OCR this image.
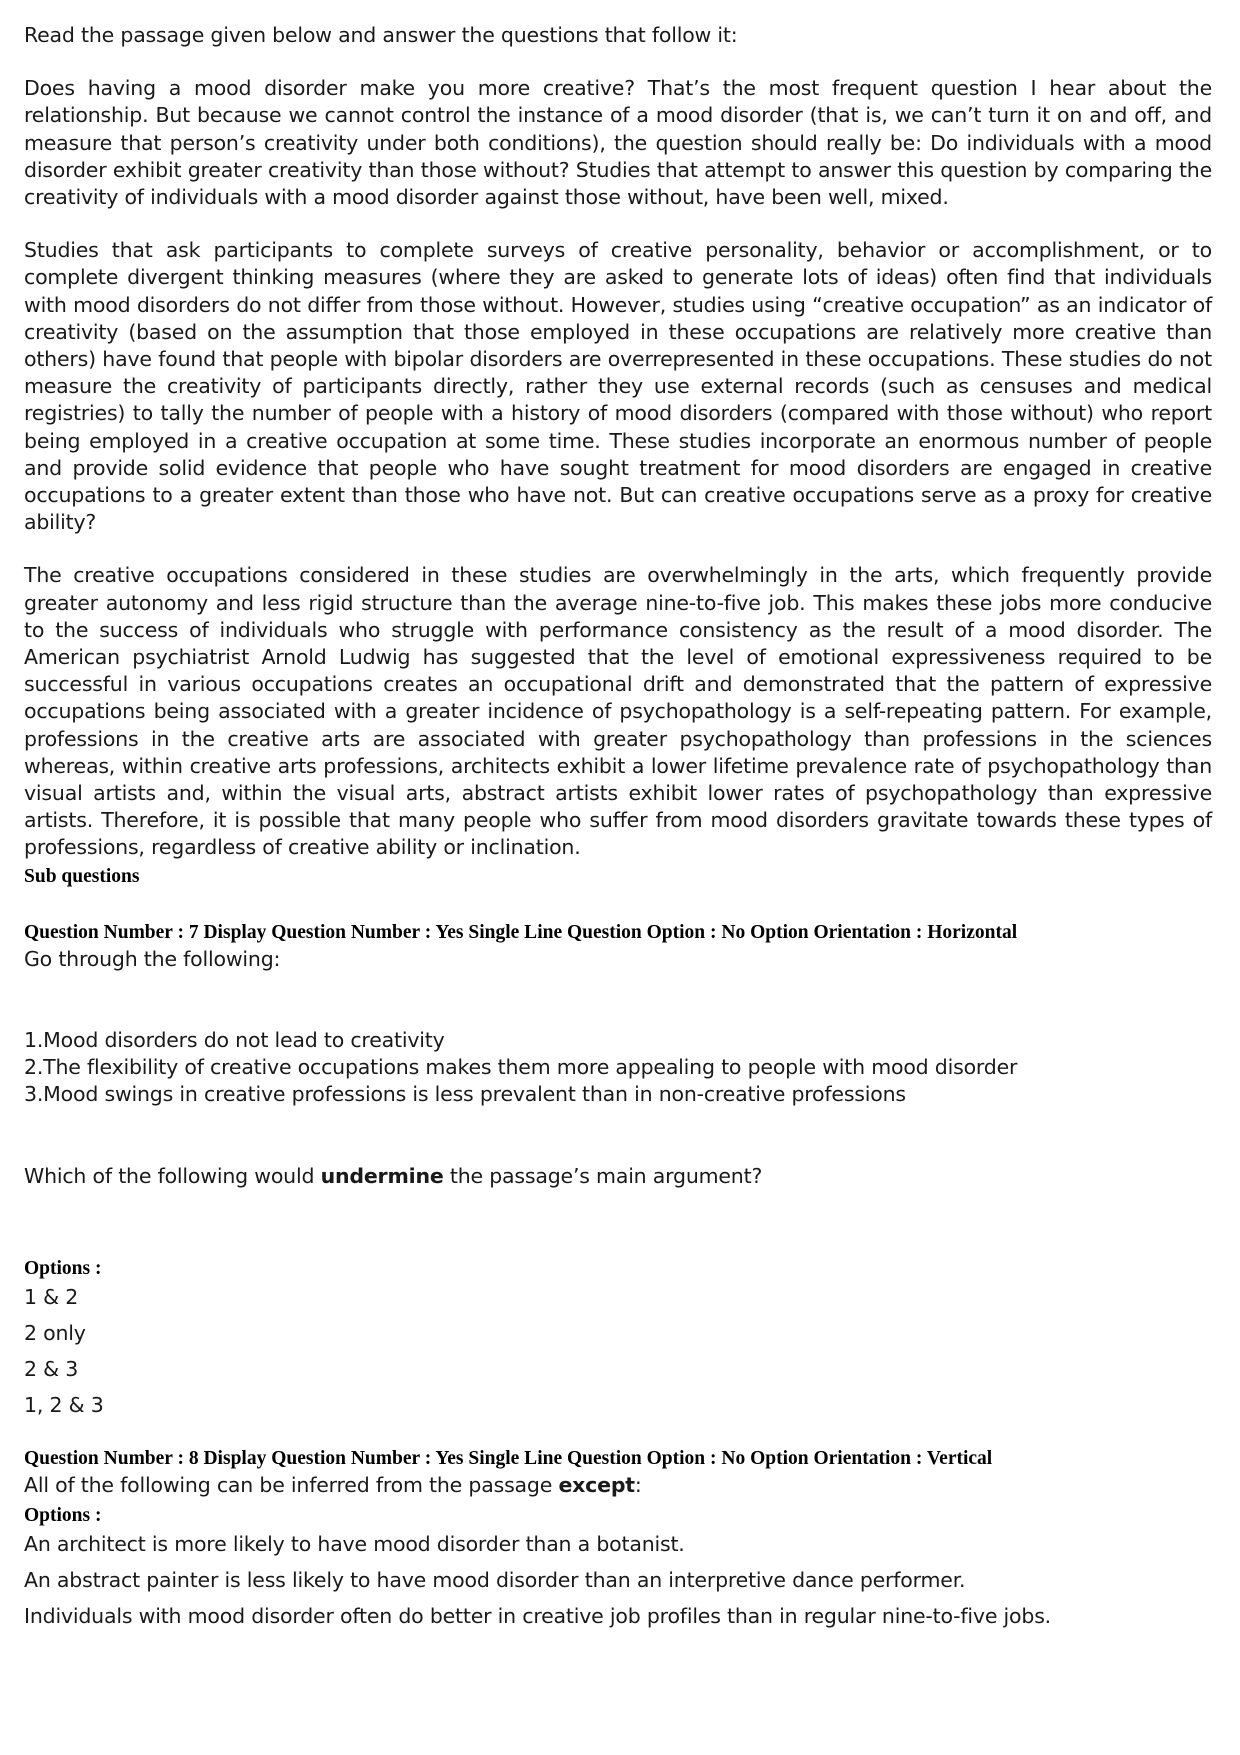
Read the passage given below and answer the questions that follow it:

Does having a mood disorder make you more creative? That’s the most frequent question I hear about the relationship. But because we cannot control the instance of a mood disorder (that is, we can’t turn it on and off, and measure that person’s creativity under both conditions), the question should really be: Do individuals with a mood disorder exhibit greater creativity than those without? Studies that attempt to answer this question by comparing the creativity of individuals with a mood disorder against those without, have been well, mixed.

Studies that ask participants to complete surveys of creative personality, behavior or accomplishment, or to complete divergent thinking measures (where they are asked to generate lots of ideas) often find that individuals with mood disorders do not differ from those without. However, studies using “creative occupation” as an indicator of creativity (based on the assumption that those employed in these occupations are relatively more creative than others) have found that people with bipolar disorders are overrepresented in these occupations. These studies do not measure the creativity of participants directly, rather they use external records (such as censuses and medical registries) to tally the number of people with a history of mood disorders (compared with those without) who report being employed in a creative occupation at some time. These studies incorporate an enormous number of people and provide solid evidence that people who have sought treatment for mood disorders are engaged in creative occupations to a greater extent than those who have not. But can creative occupations serve as a proxy for creative ability?

The creative occupations considered in these studies are overwhelmingly in the arts, which frequently provide greater autonomy and less rigid structure than the average nine-to-five job. This makes these jobs more conducive to the success of individuals who struggle with performance consistency as the result of a mood disorder. The American psychiatrist Arnold Ludwig has suggested that the level of emotional expressiveness required to be successful in various occupations creates an occupational drift and demonstrated that the pattern of expressive occupations being associated with a greater incidence of psychopathology is a self-repeating pattern. For example, professions in the creative arts are associated with greater psychopathology than professions in the sciences whereas, within creative arts professions, architects exhibit a lower lifetime prevalence rate of psychopathology than visual artists and, within the visual arts, abstract artists exhibit lower rates of psychopathology than expressive artists. Therefore, it is possible that many people who suffer from mood disorders gravitate towards these types of professions, regardless of creative ability or inclination.

Sub questions

Question Number : 7 Display Question Number : Yes Single Line Question Option : No Option Orientation : Horizontal

Go through the following:

1.Mood disorders do not lead to creativity
2.The flexibility of creative occupations makes them more appealing to people with mood disorder
3.Mood swings in creative professions is less prevalent than in non-creative professions

Which of the following would undermine the passage’s main argument?

Options :

1 & 2
2 only
2 & 3
1, 2 & 3

Question Number : 8 Display Question Number : Yes Single Line Question Option : No Option Orientation : Vertical

All of the following can be inferred from the passage except:

Options :

An architect is more likely to have mood disorder than a botanist.
An abstract painter is less likely to have mood disorder than an interpretive dance performer.
Individuals with mood disorder often do better in creative job profiles than in regular nine-to-five jobs.
